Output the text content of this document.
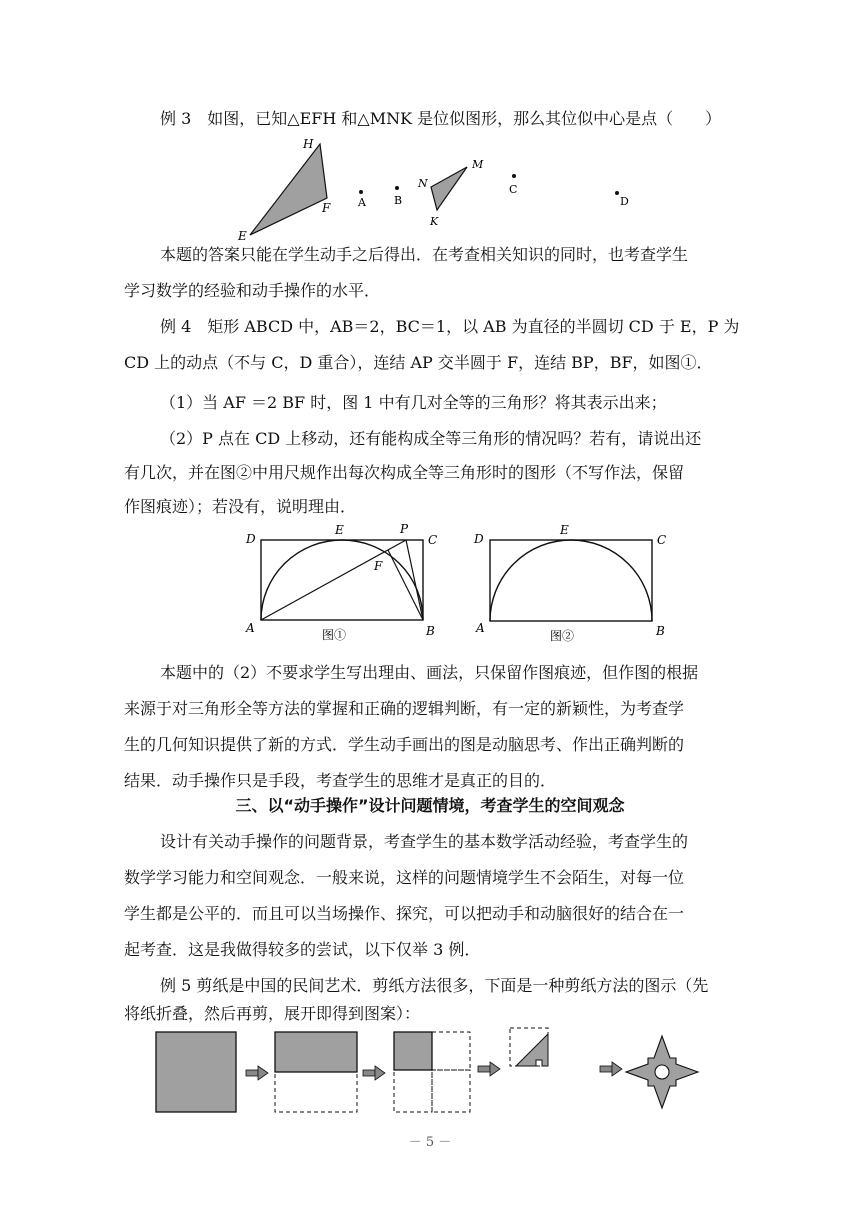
例 3　如图，已知△EFH 和△MNK 是位似图形，那么其位似中心是点（　　）
H
F
E
A	B
N
M
K
C
D
本题的答案只能在学生动手之后得出．在考查相关知识的同时，也考查学生
学习数学的经验和动手操作的水平．
例 4　矩形 ABCD 中，AB＝2，BC＝1，以 AB 为直径的半圆切 CD 于 E，P 为
CD 上的动点（不与 C，D 重合），连结 AP 交半圆于 F，连结 BP，BF，如图①．
（1）当 AF ＝2 BF 时，图 1 中有几对全等的三角形？将其表示出来；
（2）P 点在 CD 上移动，还有能构成全等三角形的情况吗？若有，请说出还
有几次，并在图②中用尺规作出每次构成全等三角形时的图形（不写作法，保留
作图痕迹）；若没有，说明理由．
D
E	P
C
F
A	B
图①
D
E
C
A	B
图②
本题中的（2）不要求学生写出理由、画法，只保留作图痕迹，但作图的根据
来源于对三角形全等方法的掌握和正确的逻辑判断，有一定的新颖性，为考查学
生的几何知识提供了新的方式．学生动手画出的图是动脑思考、作出正确判断的
结果．动手操作只是手段，考查学生的思维才是真正的目的．
三、以“动手操作”设计问题情境，考查学生的空间观念
设计有关动手操作的问题背景，考查学生的基本数学活动经验，考查学生的
数学学习能力和空间观念．一般来说，这样的问题情境学生不会陌生，对每一位
学生都是公平的．而且可以当场操作、探究，可以把动手和动脑很好的结合在一
起考查．这是我做得较多的尝试，以下仅举 3 例．
例 5 剪纸是中国的民间艺术．剪纸方法很多，下面是一种剪纸方法的图示（先
将纸折叠，然后再剪，展开即得到图案）：
－ 5 －
